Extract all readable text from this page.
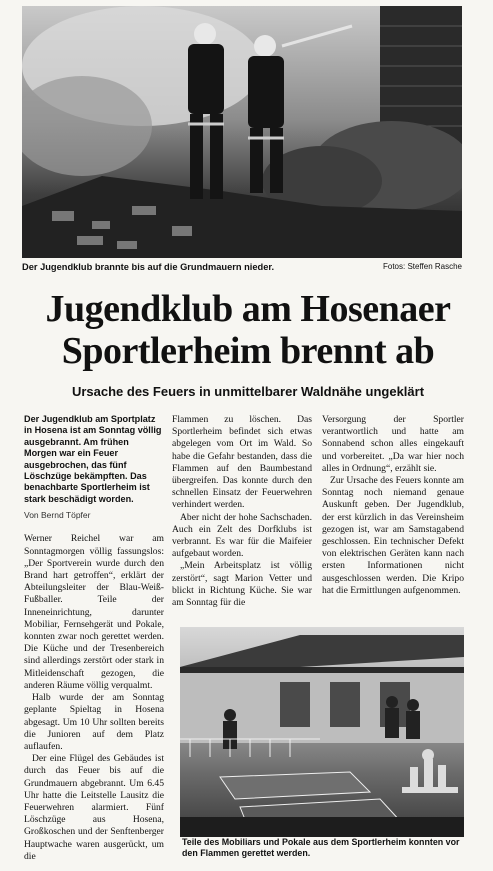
Der Jugendklub brannte bis auf die Grundmauern nieder.	Fotos: Steffen Rasche
Jugendklub am Hosenaer
Sportlerheim brennt ab
Ursache des Feuers in unmittelbarer Waldnähe ungeklärt

Der Jugendklub am Sportplatz in Hosena ist am Sonntag völlig ausgebrannt. Am frühen Morgen war ein Feuer ausgebrochen, das fünf Löschzüge bekämpften. Das benachbarte Sportlerheim ist stark beschädigt worden.

Von Bernd Töpfer

Werner Reichel war am Sonntagmorgen völlig fassungslos: „Der Sportverein wurde durch den Brand hart getroffen“, erklärt der Abteilungsleiter der Blau-Weiß-Fußballer. Teile der Inneneinrichtung, darunter Mobiliar, Fernsehgerät und Pokale, konnten zwar noch gerettet werden. Die Küche und der Tresenbereich sind allerdings zerstört oder stark in Mitleidenschaft gezogen, die anderen Räume völlig verqualmt.

Halb wurde der am Sonntag geplante Spieltag in Hosena abgesagt. Um 10 Uhr sollten bereits die Junioren auf dem Platz auflaufen.

Der eine Flügel des Gebäudes ist durch das Feuer bis auf die Grundmauern abgebrannt. Um 6.45 Uhr hatte die Leitstelle Lausitz die Feuerwehren alarmiert. Fünf Löschzüge aus Hosena, Großkoschen und der Senftenberger Hauptwache waren ausgerückt, um die

Flammen zu löschen. Das Sportlerheim befindet sich etwas abgelegen vom Ort im Wald. So habe die Gefahr bestanden, dass die Flammen auf den Baumbestand übergreifen. Das konnte durch den schnellen Einsatz der Feuerwehren verhindert werden.

Aber nicht der hohe Sachschaden. Auch ein Zelt des Dorfklubs ist verbrannt. Es war für die Maifeier aufgebaut worden.

„Mein Arbeitsplatz ist völlig zerstört“, sagt Marion Vetter und blickt in Richtung Küche. Sie war am Sonntag für die

Versorgung der Sportler verantwortlich und hatte am Sonnabend schon alles eingekauft und vorbereitet. „Da war hier noch alles in Ordnung“, erzählt sie.

Zur Ursache des Feuers konnte am Sonntag noch niemand genaue Auskunft geben. Der Jugendklub, der erst kürzlich in das Vereinsheim gezogen ist, war am Samstagabend geschlossen. Ein technischer Defekt von elektrischen Geräten kann nach ersten Informationen nicht ausgeschlossen werden. Die Kripo hat die Ermittlungen aufgenommen.

Teile des Mobiliars und Pokale aus dem Sportlerheim konnten vor den Flammen gerettet werden.
